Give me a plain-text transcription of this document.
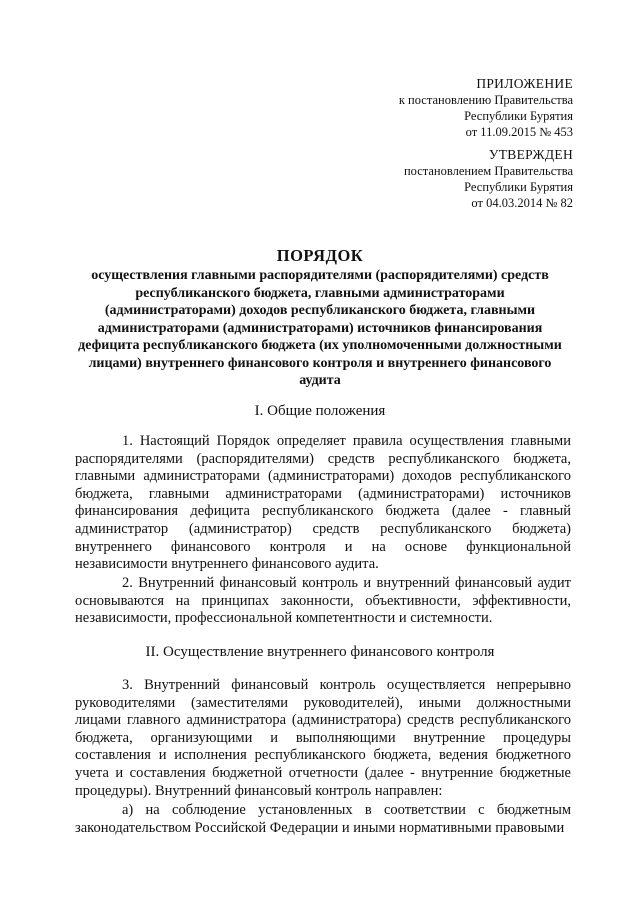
ПРИЛОЖЕНИЕ
к постановлению Правительства
Республики Бурятия
от 11.09.2015 № 453
УТВЕРЖДЕН
постановлением Правительства
Республики Бурятия
от 04.03.2014 № 82
ПОРЯДОК
осуществления главными распорядителями (распорядителями) средств республиканского бюджета, главными администраторами (администраторами) доходов республиканского бюджета, главными администраторами (администраторами) источников финансирования дефицита республиканского бюджета (их уполномоченными должностными лицами) внутреннего финансового контроля и внутреннего финансового аудита
I. Общие положения
1. Настоящий Порядок определяет правила осуществления главными распорядителями (распорядителями) средств республиканского бюджета, главными администраторами (администраторами) доходов республиканского бюджета, главными администраторами (администраторами) источников финансирования дефицита республиканского бюджета (далее - главный администратор (администратор) средств республиканского бюджета) внутреннего финансового контроля и на основе функциональной независимости внутреннего финансового аудита.
2. Внутренний финансовый контроль и внутренний финансовый аудит основываются на принципах законности, объективности, эффективности, независимости, профессиональной компетентности и системности.
II. Осуществление внутреннего финансового контроля
3. Внутренний финансовый контроль осуществляется непрерывно руководителями (заместителями руководителей), иными должностными лицами главного администратора (администратора) средств республиканского бюджета, организующими и выполняющими внутренние процедуры составления и исполнения республиканского бюджета, ведения бюджетного учета и составления бюджетной отчетности (далее - внутренние бюджетные процедуры). Внутренний финансовый контроль направлен:
а) на соблюдение установленных в соответствии с бюджетным законодательством Российской Федерации и иными нормативными правовыми
